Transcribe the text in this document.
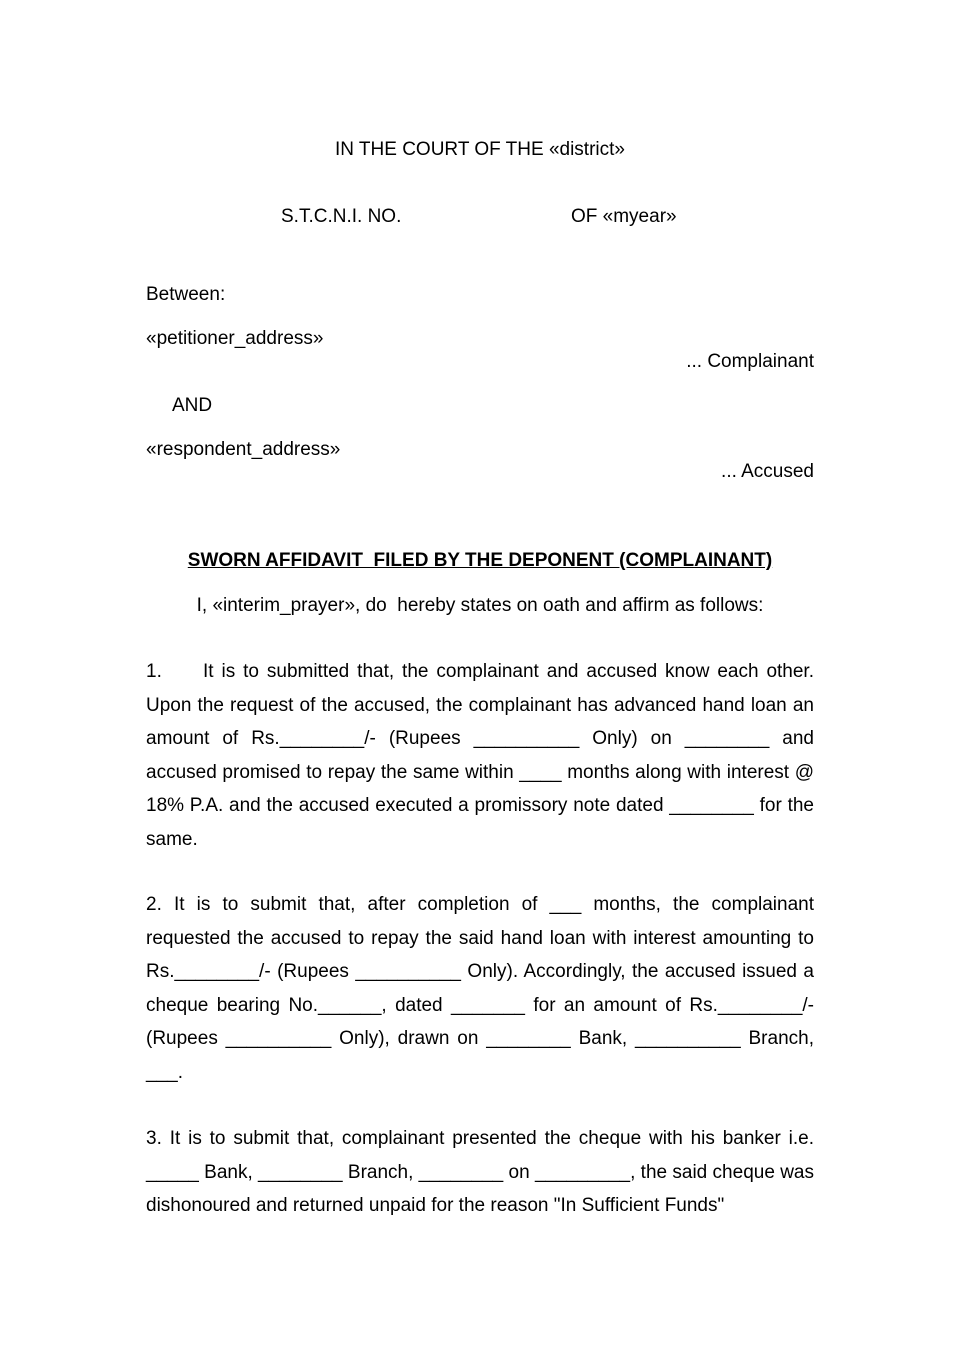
IN THE COURT OF THE «district»
S.T.C.N.I. NO.	OF «myear»
Between:
«petitioner_address»
... Complainant
AND
«respondent_address»
... Accused
SWORN AFFIDAVIT  FILED BY THE DEPONENT (COMPLAINANT)
I, «interim_prayer», do  hereby states on oath and affirm as follows:
1. It is to submitted that, the complainant and accused know each other. Upon the request of the accused, the complainant has advanced hand loan an amount of Rs.________/- (Rupees __________ Only) on ________ and accused promised to repay the same within ____ months along with interest @ 18% P.A. and the accused executed a promissory note dated ________ for the same.
2. It is to submit that, after completion of ___ months, the complainant requested the accused to repay the said hand loan with interest amounting to Rs.________/- (Rupees __________ Only). Accordingly, the accused issued a cheque bearing No.______, dated _______ for an amount of Rs.________/- (Rupees __________ Only), drawn on ________ Bank, __________ Branch, ___.
3. It is to submit that, complainant presented the cheque with his banker i.e. _____ Bank, ________ Branch, ________ on _________, the said cheque was dishonoured and returned unpaid for the reason "In Sufficient Funds"
